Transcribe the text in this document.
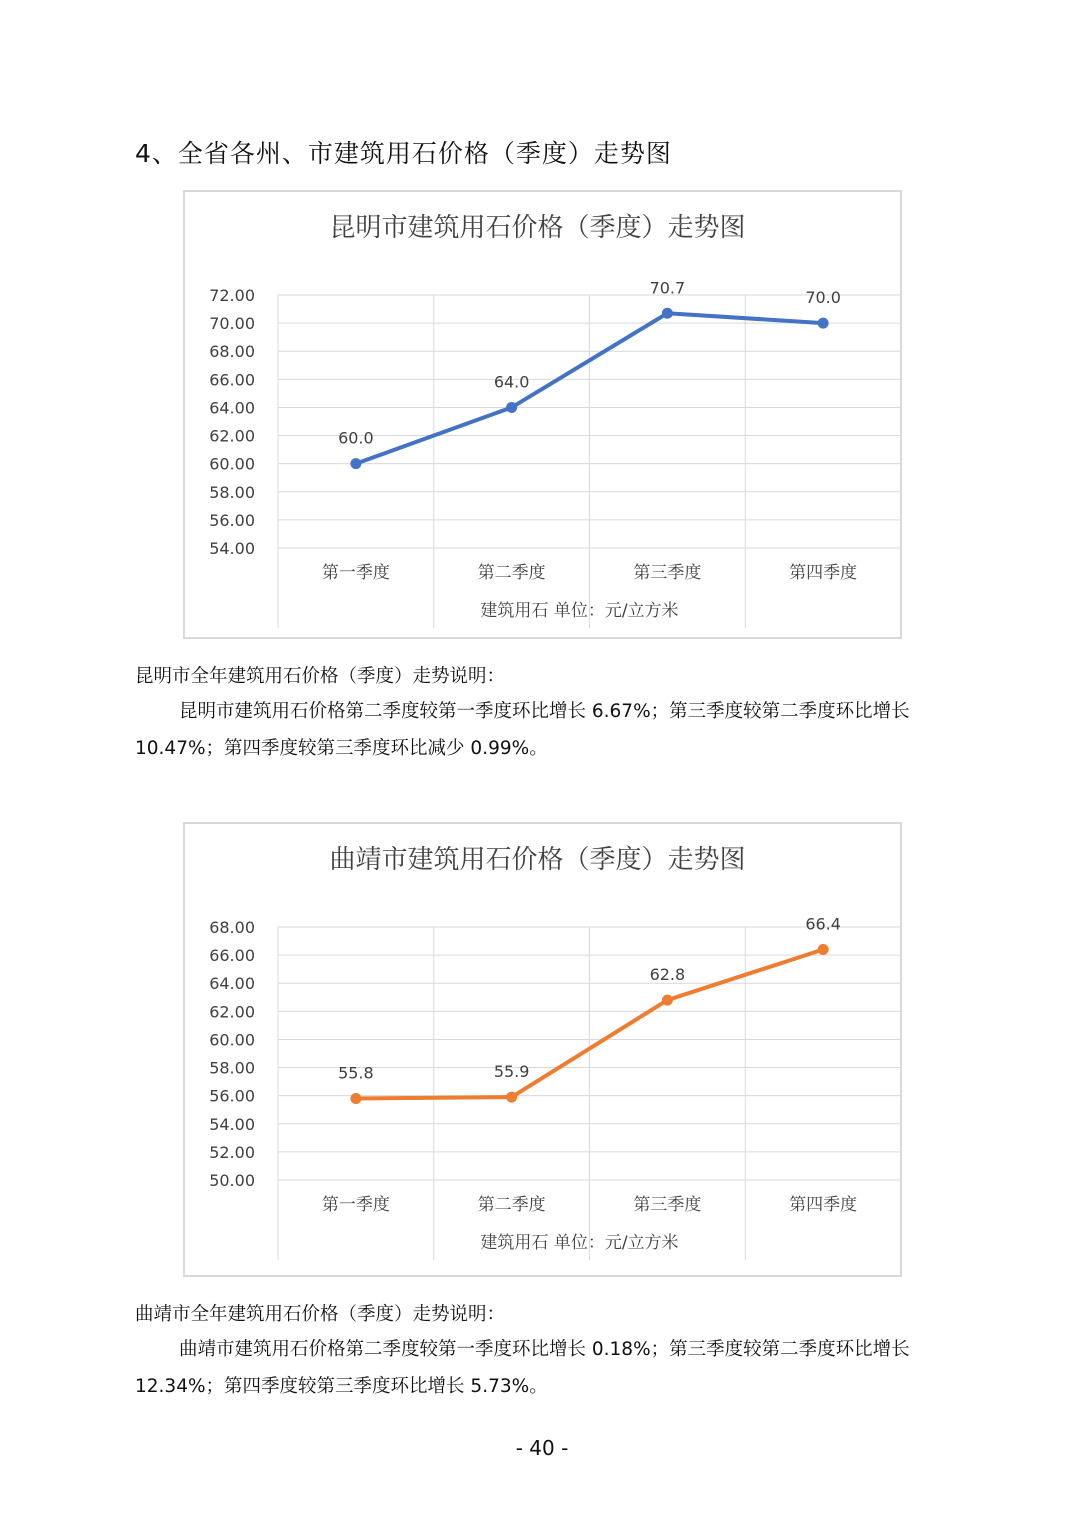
4、全省各州、市建筑用石价格（季度）走势图
昆明市建筑用石价格（季度）走势图
54.00
56.00
58.00
60.00
62.00
64.00
66.00
68.00
70.00
72.00
第一季度	第二季度	第三季度	第四季度
建筑用石 单位：元/立方米
60.0
64.0
70.7
70.0
昆明市全年建筑用石价格（季度）走势说明：
昆明市建筑用石价格第二季度较第一季度环比增长 6.67%；第三季度较第二季度环比增长 10.47%；第四季度较第三季度环比减少 0.99%。
曲靖市建筑用石价格（季度）走势图
50.00
52.00
54.00
56.00
58.00
60.00
62.00
64.00
66.00
68.00
第一季度	第二季度	第三季度	第四季度
建筑用石 单位：元/立方米
55.8	55.9
62.8
66.4
曲靖市全年建筑用石价格（季度）走势说明：
曲靖市建筑用石价格第二季度较第一季度环比增长 0.18%；第三季度较第二季度环比增长 12.34%；第四季度较第三季度环比增长 5.73%。
- 40 -
